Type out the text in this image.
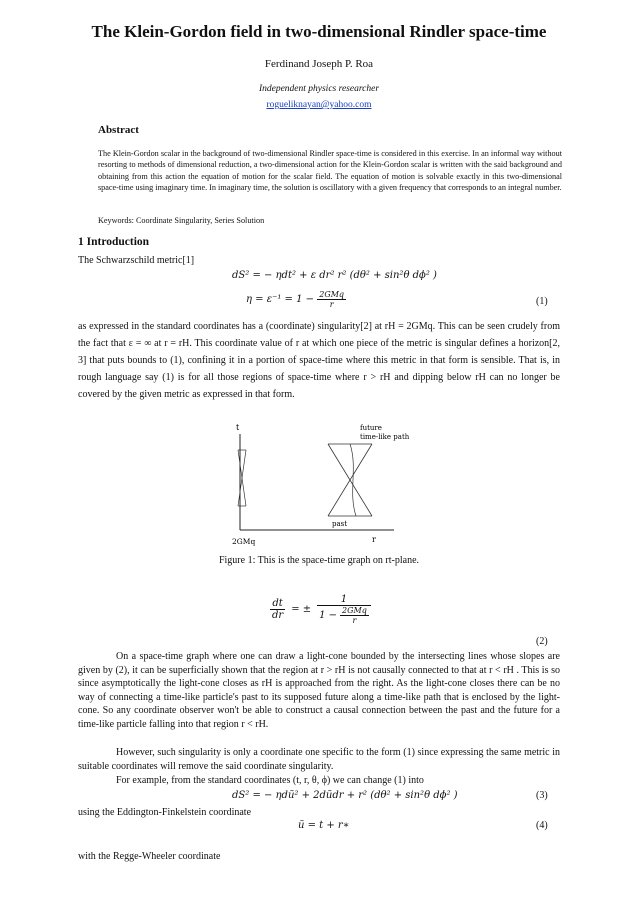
The Klein-Gordon field in two-dimensional Rindler space-time
Ferdinand Joseph P. Roa
Independent physics researcher
rogueliknayan@yahoo.com
Abstract
The Klein-Gordon scalar in the background of two-dimensional Rindler space-time is considered in this exercise. In an informal way without resorting to methods of dimensional reduction, a two-dimensional action for the Klein-Gordon scalar is written with the said background and obtaining from this action the equation of motion for the scalar field. The equation of motion is solvable exactly in this two-dimensional space-time using imaginary time. In imaginary time, the solution is oscillatory with a given frequency that corresponds to an integral number.
Keywords: Coordinate Singularity, Series Solution
1 Introduction
The Schwarzschild metric[1]
dS² = − ηdt² + ε dr² r² (dθ² + sin²θ dϕ² )
$\eta = \varepsilon^{-1} = 1 - \frac{\text{2GMq}}{r}$	(1)
as expressed in the standard coordinates has a (coordinate) singularity[2] at rH = 2GMq. This can be seen crudely from the fact that ε = ∞ at r = rH. This coordinate value of r at which one piece of the metric is singular defines a horizon[2, 3] that puts bounds to (1), confining it in a portion of space-time where this metric in that form is sensible. That is, in rough language say (1) is for all those regions of space-time where r > rH and dipping below rH can no longer be covered by the given metric as expressed in that form.
t
r
future
time-like path
past
2GMq
Figure 1: This is the space-time graph on rt-plane.
$\frac{dt}{dr}$ = ± $\frac{1}{1 - \frac{\text{2GMq}}{r}}$
(2)
On a space-time graph where one can draw a light-cone bounded by the intersecting lines whose slopes are given by (2), it can be superficially shown that the region at r > rH is not causally connected to that at r < rH . This is so since asymptotically the light-cone closes as rH is approached from the right. As the light-cone closes there can be no way of connecting a time-like particle's past to its supposed future along a time-like path that is enclosed by the light-cone. So any coordinate observer won't be able to construct a causal connection between the past and the future for a time-like particle falling into that region r < rH.
However, such singularity is only a coordinate one specific to the form (1) since expressing the same metric in suitable coordinates will remove the said coordinate singularity.
For example, from the standard coordinates (t, r, θ, ϕ) we can change (1) into
dS² = − ηdũ² + 2dũdr + r² (dθ² + sin²θ dϕ² )	(3)
using the Eddington-Finkelstein coordinate
ũ = t + r∗	(4)
with the Regge-Wheeler coordinate
